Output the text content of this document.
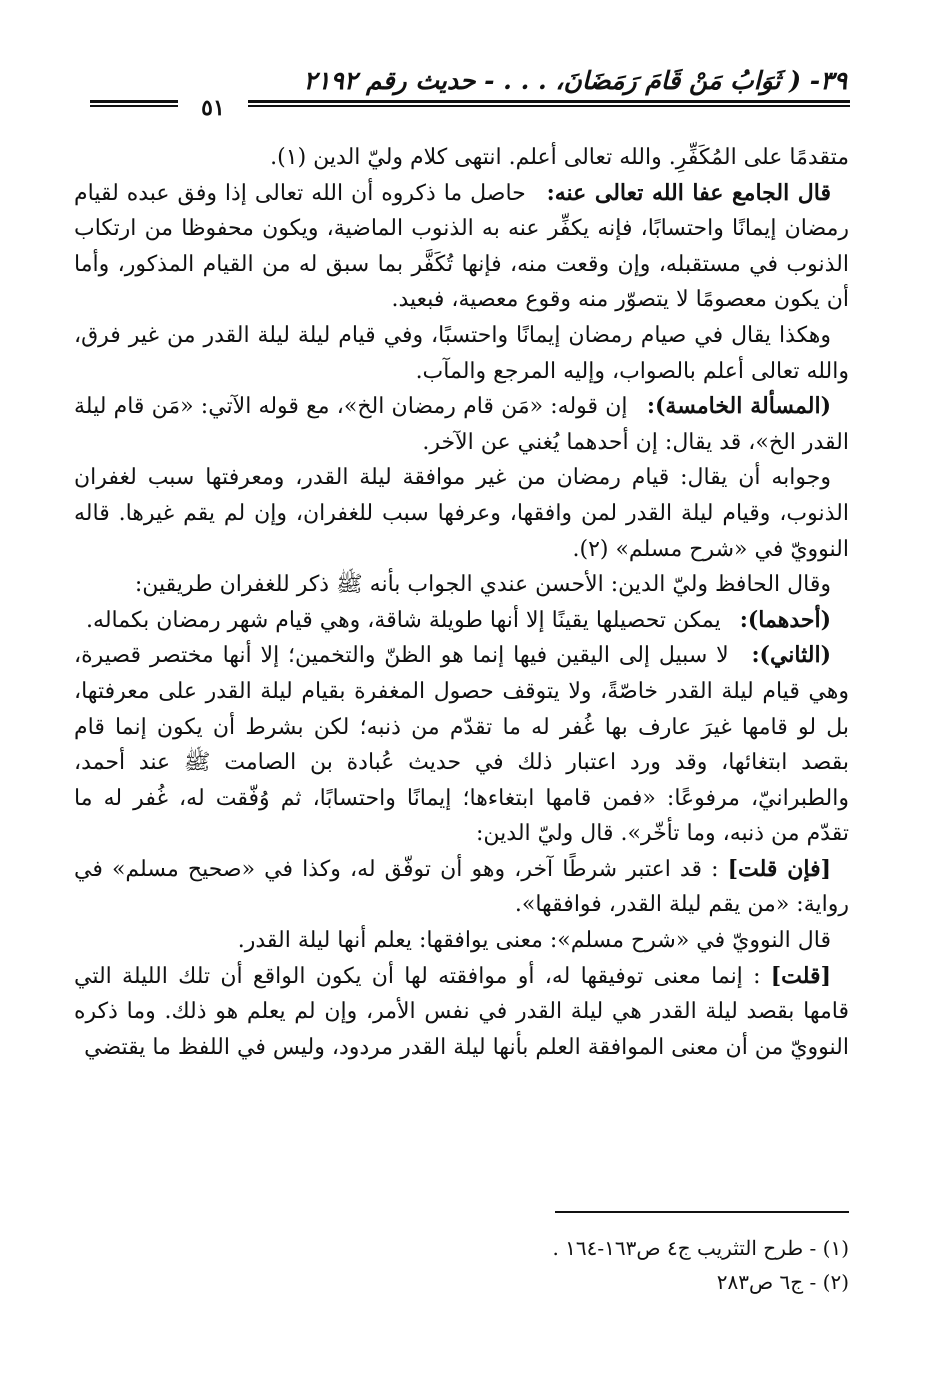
٣٩- ( ثَوَابُ مَنْ قَامَ رَمَضَانَ، . . . - حديث رقم ٢١٩٢
٥١

متقدمًا على المُكَفِّرِ. والله تعالى أعلم. انتهى كلام وليّ الدين (١).

قال الجامع عفا الله تعالى عنه:  حاصل ما ذكروه أن الله تعالى إذا وفق عبده لقيام رمضان إيمانًا واحتسابًا، فإنه يكفِّر عنه به الذنوب الماضية، ويكون محفوظا من ارتكاب الذنوب في مستقبله، وإن وقعت منه، فإنها تُكَفَّر بما سبق له من القيام المذكور، وأما أن يكون معصومًا لا يتصوّر منه وقوع معصية، فبعيد.

وهكذا يقال في صيام رمضان إيمانًا واحتسبًا، وفي قيام ليلة ليلة القدر من غير فرق، والله تعالى أعلم بالصواب، وإليه المرجع والمآب.

(المسألة الخامسة):  إن قوله: «مَن قام رمضان الخ»، مع قوله الآتي: «مَن قام ليلة القدر الخ»، قد يقال: إن أحدهما يُغني عن الآخر.

وجوابه أن يقال: قيام رمضان من غير موافقة ليلة القدر، ومعرفتها سبب لغفران الذنوب، وقيام ليلة القدر لمن وافقها، وعرفها سبب للغفران، وإن لم يقم غيرها. قاله النوويّ في «شرح مسلم» (٢).

وقال الحافظ وليّ الدين: الأحسن عندي الجواب بأنه ﷺ ذكر للغفران طريقين:

(أحدهما):  يمكن تحصيلها يقينًا إلا أنها طويلة شاقة، وهي قيام شهر رمضان بكماله.

(الثاني):  لا سبيل إلى اليقين فيها إنما هو الظنّ والتخمين؛ إلا أنها مختصر قصيرة، وهي قيام ليلة القدر خاصّةً، ولا يتوقف حصول المغفرة بقيام ليلة القدر على معرفتها، بل لو قامها غيرَ عارف بها غُفر له ما تقدّم من ذنبه؛ لكن بشرط أن يكون إنما قام بقصد ابتغائها، وقد ورد اعتبار ذلك في حديث عُبادة بن الصامت ﷺ عند أحمد، والطبرانيّ، مرفوعًا: «فمن قامها ابتغاءها؛ إيمانًا واحتسابًا، ثم وُفّقت له، غُفر له ما تقدّم من ذنبه، وما تأخّر». قال وليّ الدين:

[فإن قلت] : قد اعتبر شرطًا آخر، وهو أن توفّق له، وكذا في «صحيح مسلم» في رواية: «من يقم ليلة القدر، فوافقها».

قال النوويّ في «شرح مسلم»: معنى يوافقها: يعلم أنها ليلة القدر.

[قلت] : إنما معنى توفيقها له، أو موافقته لها أن يكون الواقع أن تلك الليلة التي قامها بقصد ليلة القدر هي ليلة القدر في نفس الأمر، وإن لم يعلم هو ذلك. وما ذكره النوويّ من أن معنى الموافقة العلم بأنها ليلة القدر مردود، وليس في اللفظ ما يقتضي

(١) - طرح التثريب ج٤ ص١٦٣-١٦٤ .

(٢) - ج٦ ص٢٨٣
